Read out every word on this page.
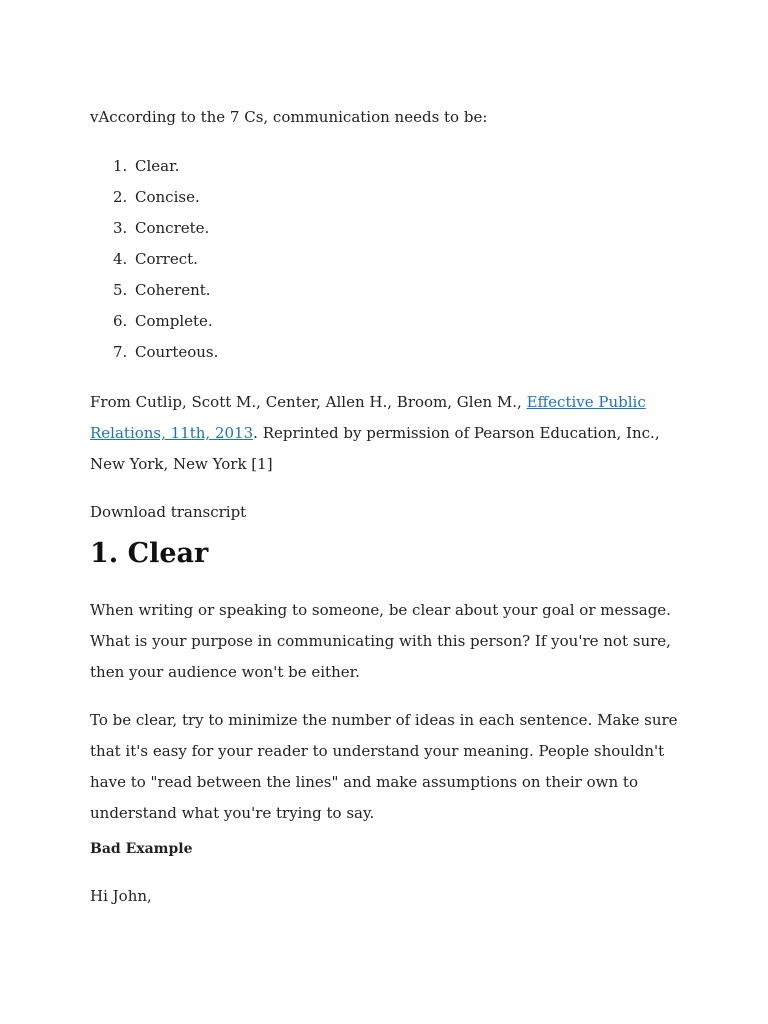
vAccording to the 7 Cs, communication needs to be:

1. Clear.
2. Concise.
3. Concrete.
4. Correct.
5. Coherent.
6. Complete.
7. Courteous.

From Cutlip, Scott M., Center, Allen H., Broom, Glen M., Effective Public Relations, 11th, 2013. Reprinted by permission of Pearson Education, Inc., New York, New York [1]

Download transcript

1. Clear

When writing or speaking to someone, be clear about your goal or message. What is your purpose in communicating with this person? If you're not sure, then your audience won't be either.

To be clear, try to minimize the number of ideas in each sentence. Make sure that it's easy for your reader to understand your meaning. People shouldn't have to "read between the lines" and make assumptions on their own to understand what you're trying to say.

Bad Example

Hi John,
